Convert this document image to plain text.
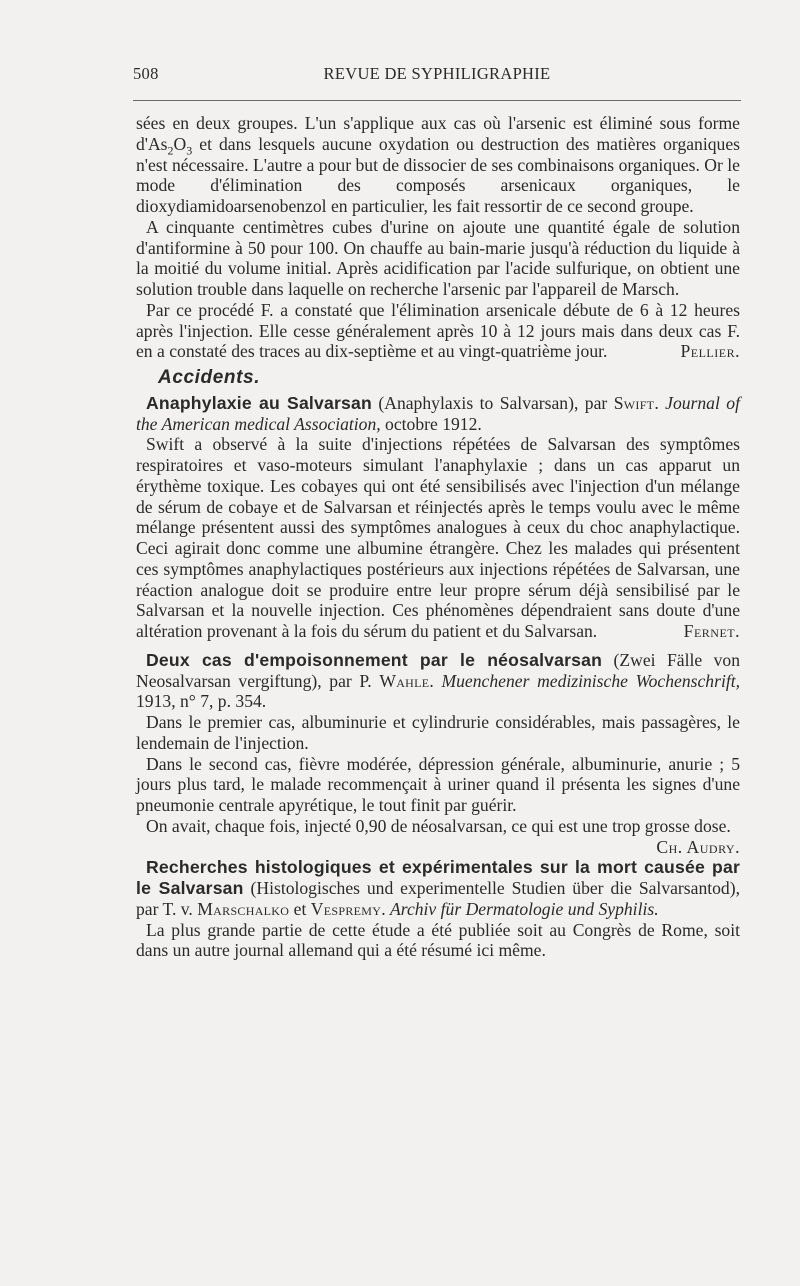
508	REVUE DE SYPHILIGRAPHIE

sées en deux groupes. L'un s'applique aux cas où l'arsenic est éliminé sous forme $d'As_2O_3$ et dans lesquels aucune oxydation ou destruction des matières organiques n'est nécessaire. L'autre a pour but de dissocier de ses combinaisons organiques. Or le mode d'élimination des composés arsenicaux organiques, le dioxydiamidoarsenobenzol en particulier, les fait ressortir de ce second groupe.

A cinquante centimètres cubes d'urine on ajoute une quantité égale de solution d'antiformine à 50 pour 100. On chauffe au bain-marie jusqu'à réduction du liquide à la moitié du volume initial. Après acidification par l'acide sulfurique, on obtient une solution trouble dans laquelle on recherche l'arsenic par l'appareil de Marsch.

Par ce procédé F. a constaté que l'élimination arsenicale débute de 6 à 12 heures après l'injection. Elle cesse généralement après 10 à 12 jours mais dans deux cas F. en a constaté des traces au dix-septième et au vingt-quatrième jour.	Pellier.

Accidents.

Anaphylaxie au Salvarsan (Anaphylaxis to Salvarsan), par Swift. Journal of the American medical Association, octobre 1912.

Swift a observé à la suite d'injections répétées de Salvarsan des symptômes respiratoires et vaso-moteurs simulant l'anaphylaxie ; dans un cas apparut un érythème toxique. Les cobayes qui ont été sensibilisés avec l'injection d'un mélange de sérum de cobaye et de Salvarsan et réinjectés après le temps voulu avec le même mélange présentent aussi des symptômes analogues à ceux du choc anaphylactique. Ceci agirait donc comme une albumine étrangère. Chez les malades qui présentent ces symptômes anaphylactiques postérieurs aux injections répétées de Salvarsan, une réaction analogue doit se produire entre leur propre sérum déjà sensibilisé par le Salvarsan et la nouvelle injection. Ces phénomènes dépendraient sans doute d'une altération provenant à la fois du sérum du patient et du Salvarsan.	Fernet.

Deux cas d'empoisonnement par le néosalvarsan (Zwei Fälle von Neosalvarsan vergiftung), par P. Wahle. Muenchener medizinische Wochenschrift, 1913, n° 7, p. 354.

Dans le premier cas, albuminurie et cylindrurie considérables, mais passagères, le lendemain de l'injection.

Dans le second cas, fièvre modérée, dépression générale, albuminurie, anurie ; 5 jours plus tard, le malade recommençait à uriner quand il présenta les signes d'une pneumonie centrale apyrétique, le tout finit par guérir.

On avait, chaque fois, injecté 0,90 de néosalvarsan, ce qui est une trop grosse dose.
Ch. Audry.

Recherches histologiques et expérimentales sur la mort causée par le Salvarsan (Histologisches und experimentelle Studien über die Salvarsantod), par T. v. Marschalko et Vespremy. Archiv für Dermatologie und Syphilis.

La plus grande partie de cette étude a été publiée soit au Congrès de Rome, soit dans un autre journal allemand qui a été résumé ici même.
